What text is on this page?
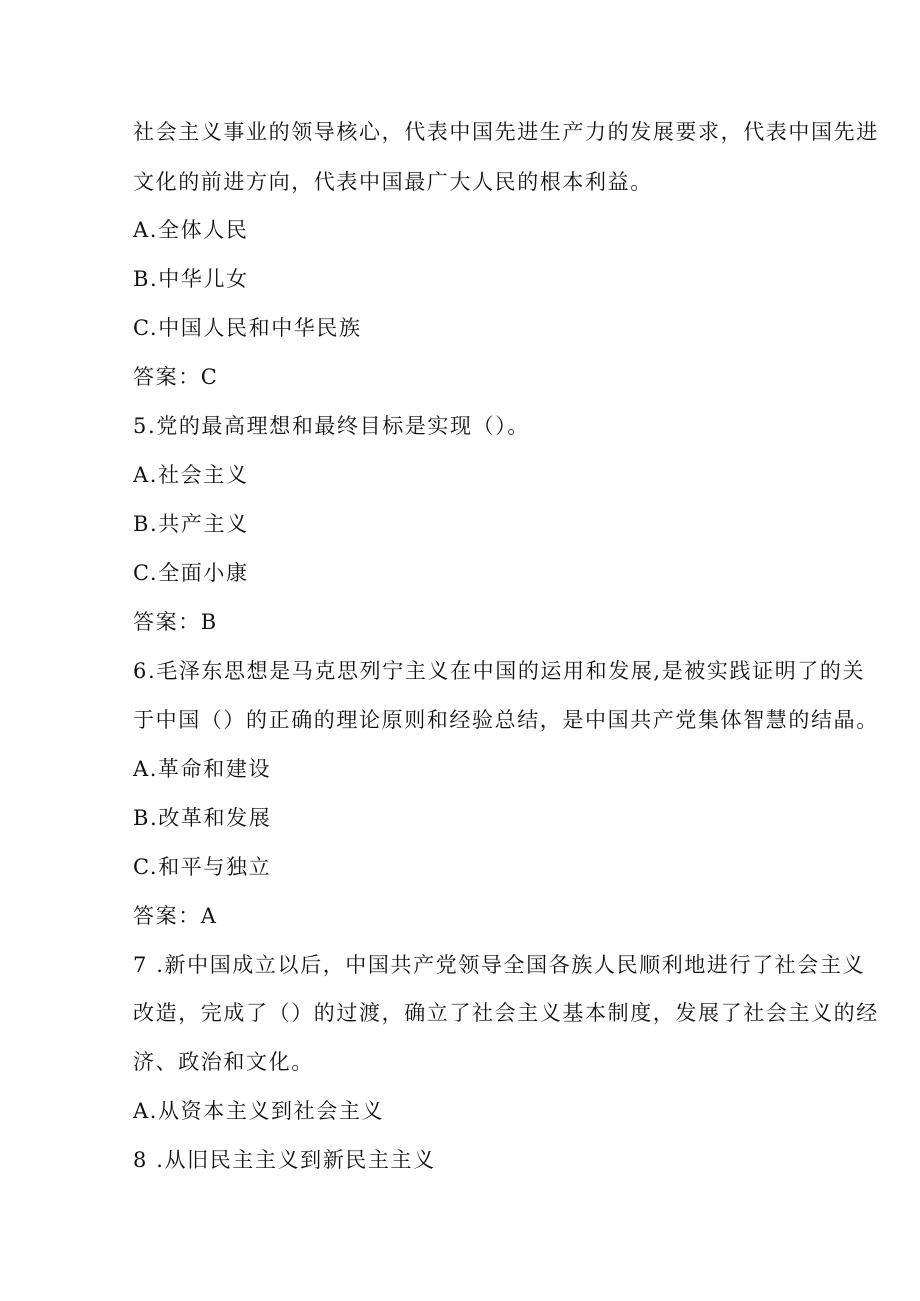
社会主义事业的领导核心，代表中国先进生产力的发展要求，代表中国先进
文化的前进方向，代表中国最广大人民的根本利益。
A.全体人民
B.中华儿女
C.中国人民和中华民族
答案：C
5.党的最高理想和最终目标是实现（）。
A.社会主义
B.共产主义
C.全面小康
答案：B
6.毛泽东思想是马克思列宁主义在中国的运用和发展,是被实践证明了的关
于中国（）的正确的理论原则和经验总结，是中国共产党集体智慧的结晶。
A.革命和建设
B.改革和发展
C.和平与独立
答案：A
7 .新中国成立以后，中国共产党领导全国各族人民顺利地进行了社会主义
改造，完成了（）的过渡，确立了社会主义基本制度，发展了社会主义的经
济、政治和文化。
A.从资本主义到社会主义
8 .从旧民主主义到新民主主义
